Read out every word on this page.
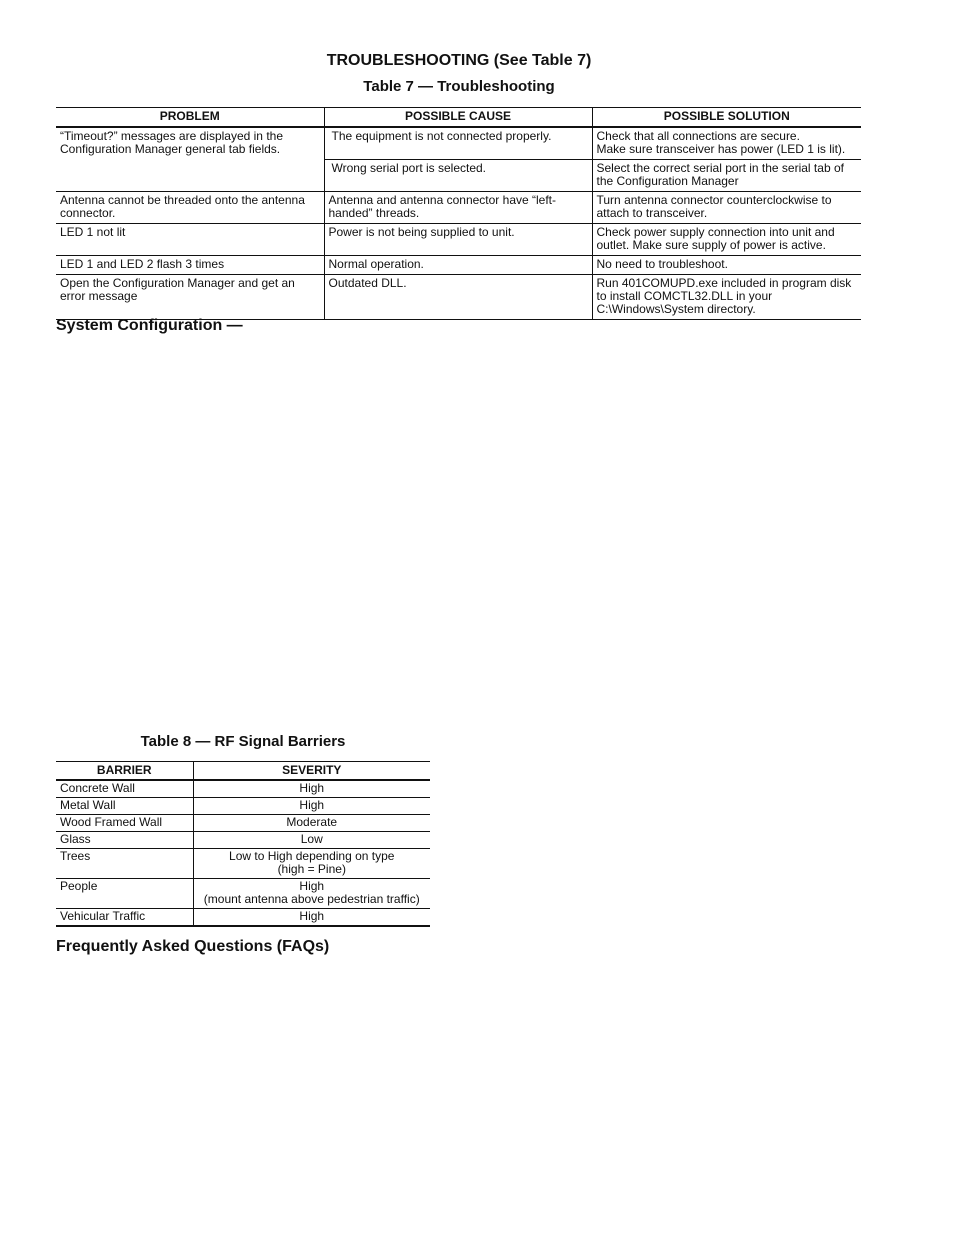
TROUBLESHOOTING (See Table 7)
Table 7 — Troubleshooting
PROBLEM	POSSIBLE CAUSE	POSSIBLE SOLUTION
“Timeout?” messages are displayed in the Configuration Manager general tab fields.	The equipment is not connected properly.	Check that all connections are secure.
Make sure transceiver has power (LED 1 is lit).

	Wrong serial port is selected.	Select the correct serial port in the serial tab of the Configuration Manager
Antenna cannot be threaded onto the antenna connector.	Antenna and antenna connector have “left-handed” threads.	Turn antenna connector counterclockwise to attach to transceiver.
LED 1 not lit	Power is not being supplied to unit.	Check power supply connection into unit and outlet. Make sure supply of power is active.
LED 1 and LED 2 flash 3 times	Normal operation.	No need to troubleshoot.
Open the Configuration Manager and get an error message	Outdated DLL.	Run 401COMUPD.exe included in program disk to install COMCTL32.DLL in your C:\Windows\System directory.
System Configuration —
Table 8 — RF Signal Barriers
BARRIER	SEVERITY
Concrete Wall	High
Metal Wall	High
Wood Framed Wall	Moderate
Glass	Low
Trees	Low to High depending on type
(high = Pine)

People	High
(mount antenna above pedestrian traffic)

Vehicular Traffic	High
Frequently Asked Questions (FAQs)
